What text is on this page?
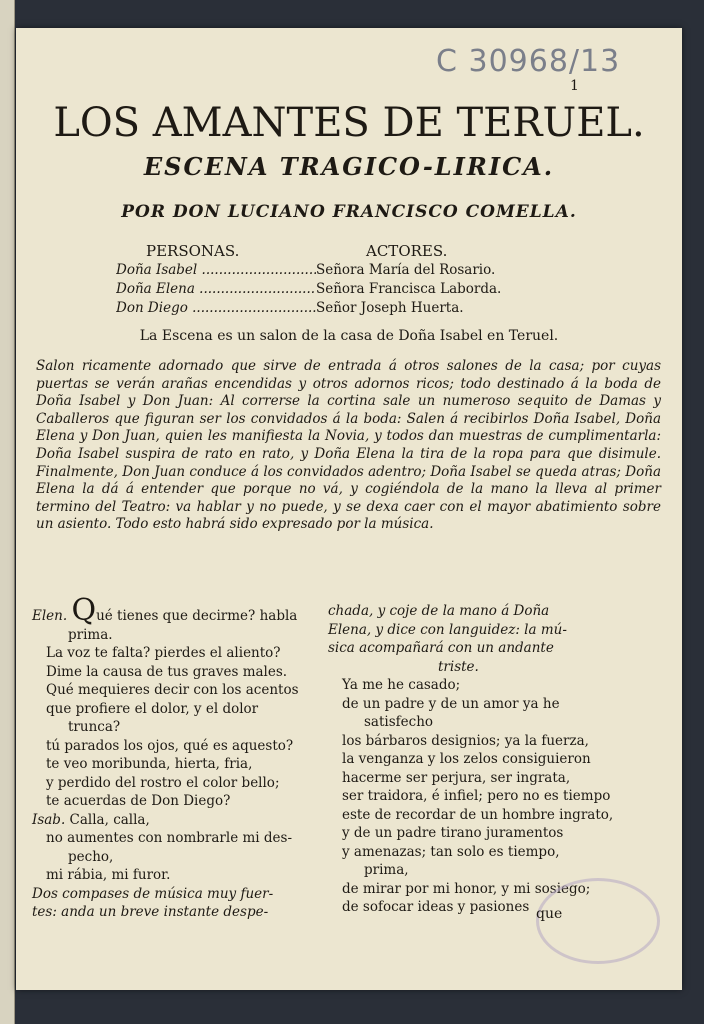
C 30968/13
1
LOS AMANTES DE TERUEL.
ESCENA TRAGICO-LIRICA.
POR DON LUCIANO FRANCISCO COMELLA.
PERSONAS.	ACTORES.
Doña Isabel .....	Señora María del Rosario.
Doña Elena .....	Señora Francisca Laborda.
Don Diego .....	Señor Joseph Huerta.
La Escena es un salon de la casa de Doña Isabel en Teruel.
Salon ricamente adornado que sirve de entrada á otros salones de la casa; por cuyas puertas se verán arañas encendidas y otros adornos ricos; todo destinado á la boda de Doña Isabel y Don Juan: Al correrse la cortina sale un numeroso sequito de Damas y Caballeros que figuran ser los convidados á la boda: Salen á recibirlos Doña Isabel, Doña Elena y Don Juan, quien les manifiesta la Novia, y todos dan muestras de cumplimentarla: Doña Isabel suspira de rato en rato, y Doña Elena la tira de la ropa para que disimule. Finalmente, Don Juan conduce á los convidados adentro; Doña Isabel se queda atras; Doña Elena la dá á entender que porque no vá, y cogiéndola de la mano la lleva al primer termino del Teatro: va hablar y no puede, y se dexa caer con el mayor abatimiento sobre un asiento. Todo esto habrá sido expresado por la música.
Elen. Qué tienes que decirme? habla
prima.
La voz te falta? pierdes el aliento?
Dime la causa de tus graves males.
Qué mequieres decir con los acentos
que profiere el dolor, y el dolor
trunca?
tú parados los ojos, qué es aquesto?
te veo moribunda, hierta, fria,
y perdido del rostro el color bello;
te acuerdas de Don Diego?
Isab. Calla, calla,
no aumentes con nombrarle mi des-
pecho,
mi rábia, mi furor.
Dos compases de música muy fuer-
tes: anda un breve instante despe-
chada, y coje de la mano á Doña
Elena, y dice con languidez: la mú-
sica acompañará con un andante
triste.
Ya me he casado;
de un padre y de un amor ya he
satisfecho
los bárbaros designios; ya la fuerza,
la venganza y los zelos consiguieron
hacerme ser perjura, ser ingrata,
ser traidora, é infiel; pero no es tiempo
este de recordar de un hombre ingrato,
y de un padre tirano juramentos
y amenazas; tan solo es tiempo,
prima,
de mirar por mi honor, y mi sosiego;
de sofocar ideas y pasiones que
